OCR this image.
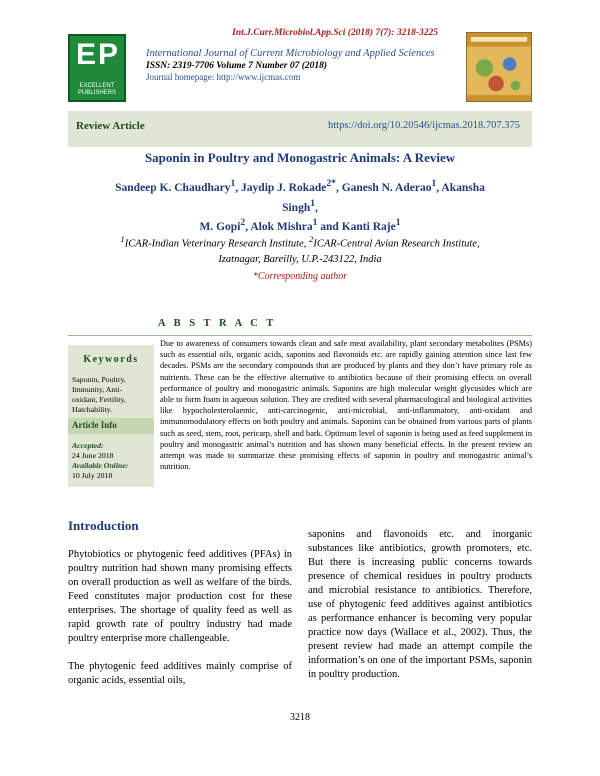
Int.J.Curr.Microbiol.App.Sci (2018) 7(7): 3218-3225
EP
EXCELLENT
PUBLISHERS
International Journal of Current Microbiology and Applied Sciences
ISSN: 2319-7706 Volume 7 Number 07 (2018)
Journal homepage: http://www.ijcmas.com
Review Article	https://doi.org/10.20546/ijcmas.2018.707.375
Saponin in Poultry and Monogastric Animals: A Review
Sandeep K. Chaudhary$^1$, Jaydip J. Rokade$^{2*}$, Ganesh N. Aderao$^1$, Akansha Singh$^1$,
M. Gopi$^2$, Alok Mishra$^1$ and Kanti Raje$^1$
$^1$ICAR-Indian Veterinary Research Institute, $^2$ICAR-Central Avian Research Institute,
Izatnagar, Bareilly, U.P.-243122, India
*Corresponding author
A B S T R A C T
Keywords
Saponin, Poultry,
Immunity, Anti-
oxidant, Fertility,
Hatchability.
Article Info
Accepted:
24 June 2018
Available Online:
10 July 2018
Due to awareness of consumers towards clean and safe meat availability, plant secondary metabolites (PSMs) such as essential oils, organic acids, saponins and flavonoids etc. are rapidly gaining attention since last few decades. PSMs are the secondary compounds that are produced by plants and they don’t have primary role as nutrients. These can be the effective alternative to antibiotics because of their promising effects on overall performance of poultry and monogastric animals. Saponins are high molecular weight glycosides which are able to form foam in aqueous solution. They are credited with several pharmacological and biological activities like hypocholesterolaemic, anti-carcinogenic, anti-microbial, anti-inflammatory, anti-oxidant and immunomodulatory effects on both poultry and animals. Saponins can be obtained from various parts of plants such as seed, stem, root, pericarp, shell and bark. Optimum level of saponin is being used as feed supplement in poultry and monogastric animal’s nutrition and has shown many beneficial effects. In the present review an attempt was made to summarize these promising effects of saponin in poultry and monogastric animal’s nutrition.
Introduction

Phytobiotics or phytogenic feed additives (PFAs) in poultry nutrition had shown many promising effects on overall production as well as welfare of the birds. Feed constitutes major production cost for these enterprises. The shortage of quality feed as well as rapid growth rate of poultry industry had made poultry enterprise more challengeable.

The phytogenic feed additives mainly comprise of organic acids, essential oils,

saponins and flavonoids etc. and inorganic substances like antibiotics, growth promoters, etc. But there is increasing public concerns towards presence of chemical residues in poultry products and microbial resistance to antibiotics. Therefore, use of phytogenic feed additives against antibiotics as performance enhancer is becoming very popular practice now days (Wallace et al., 2002). Thus, the present review had made an attempt compile the information’s on one of the important PSMs, saponin in poultry production.
3218
